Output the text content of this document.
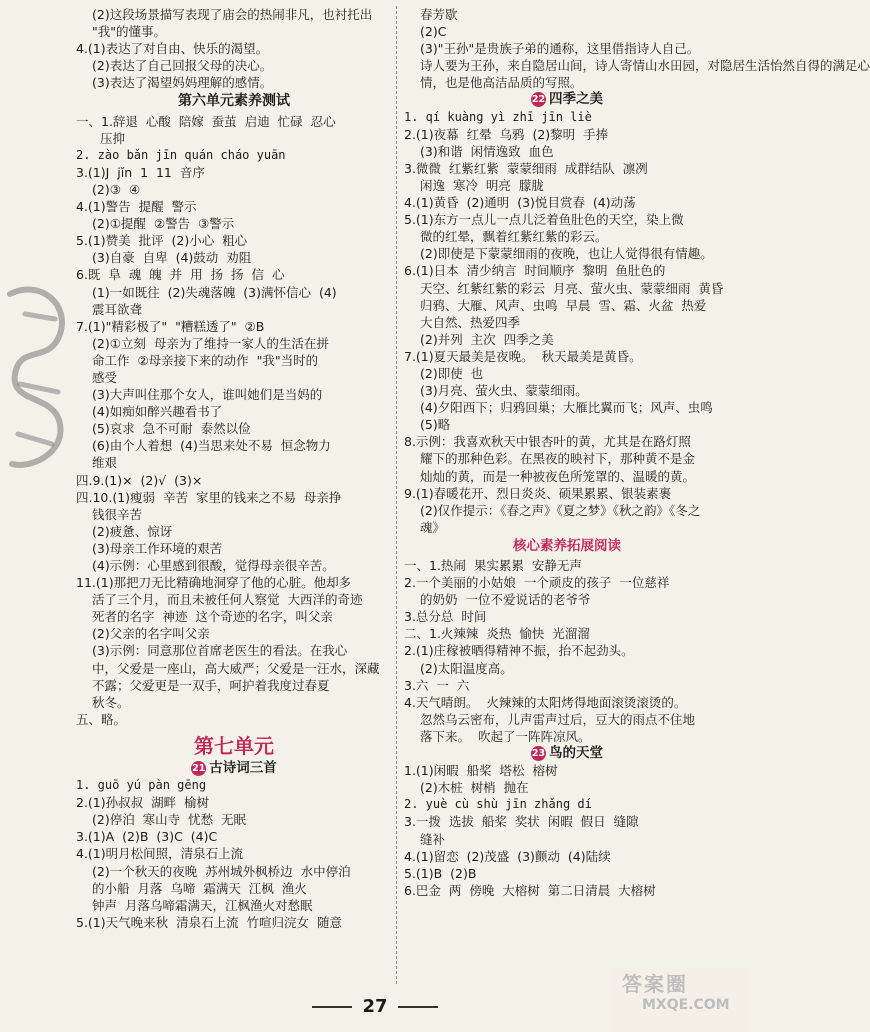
(2)这段场景描写表现了庙会的热闹非凡，也衬托出
"我"的懂事。
4.(1)表达了对自由、快乐的渴望。
(2)表达了自己回报父母的决心。
(3)表达了渴望妈妈理解的感情。
第六单元素养测试
一、1.辞退  心酸  陪嫁  蚕茧  启迪  忙碌  忍心
压抑
2. zào bǎn jīn quán cháo yuān
3.(1)J  jǐn  1  11  音序
(2)③  ④
4.(1)警告  提醒  警示
(2)①提醒  ②警告  ③警示
5.(1)赞美  批评  (2)小心  粗心
(3)自豪  自卑  (4)鼓动  劝阻
6.既  阜  魂  魄  并  用  扬  扬  信  心
(1)一如既往  (2)失魂落魄  (3)满怀信心  (4)
震耳欲聋
7.(1)"精彩极了"  "糟糕透了"  ②B
(2)①立刻  母亲为了维持一家人的生活在拼
命工作  ②母亲接下来的动作  "我"当时的
感受
(3)大声叫住那个女人，谁叫她们是当妈的
(4)如痴如醉兴趣看书了
(5)哀求  急不可耐  泰然以俭
(6)由个人着想  (4)当思来处不易  恒念物力
维艰
四.9.(1)×  (2)√  (3)×
四.10.(1)瘦弱  辛苦  家里的钱来之不易  母亲挣
钱很辛苦
(2)疲惫、惊讶
(3)母亲工作环境的艰苦
(4)示例：心里感到很酸，觉得母亲很辛苦。
11.(1)那把刀无比精确地洞穿了他的心脏。他却多
活了三个月，而且未被任何人察觉  大西洋的奇迹
死者的名字  神迹  这个奇迹的名字，叫父亲
(2)父亲的名字叫父亲
(3)示例：同意那位首席老医生的看法。在我心
中，父爱是一座山，高大威严；父爱是一汪水，深藏
不露；父爱更是一双手，呵护着我度过春夏
秋冬。
五、略。
第七单元
21 古诗词三首
1. guō yú pàn gēng
2.(1)孙叔叔  湖畔  榆树
(2)停泊  寒山寺  忧愁  无眠
3.(1)A  (2)B  (3)C  (4)C
4.(1)明月松间照，清泉石上流
(2)一个秋天的夜晚  苏州城外枫桥边  水中停泊
的小船  月落  乌啼  霜满天  江枫  渔火
钟声  月落乌啼霜满天，江枫渔火对愁眠
5.(1)天气晚来秋  清泉石上流  竹喧归浣女  随意
春芳歇
(2)C
(3)"王孙"是贵族子弟的通称，这里借指诗人自己。
诗人要为王孙，来自隐居山间，诗人寄情山水田园，对隐居生活怡然自得的满足心
情，也是他高洁品质的写照。
22 四季之美
1. qí kuàng yì zhī jīn liè
2.(1)夜幕  红晕  乌鸦  (2)黎明  手捧
(3)和谐  闲情逸致  血色
3.微微  红紫红紫  蒙蒙细雨  成群结队  凛冽
闲逸  寒冷  明亮  朦胧
4.(1)黄昏  (2)通明  (3)悦目赏春  (4)动荡
5.(1)东方一点儿一点儿泛着鱼肚色的天空，染上微
微的红晕，飘着红紫红紫的彩云。
(2)即使是下蒙蒙细雨的夜晚，也让人觉得很有情趣。
6.(1)日本  清少纳言  时间顺序  黎明  鱼肚色的
天空、红紫红紫的彩云  月亮、萤火虫、蒙蒙细雨  黄昏
归鸦、大雁、风声、虫鸣  早晨  雪、霜、火盆  热爱
大自然、热爱四季
(2)并列  主次  四季之美
7.(1)夏天最美是夜晚。  秋天最美是黄昏。
(2)即使  也
(3)月亮、萤火虫、蒙蒙细雨。
(4)夕阳西下；归鸦回巢；大雁比翼而飞；风声、虫鸣
(5)略
8.示例：我喜欢秋天中银杏叶的黄，尤其是在路灯照
耀下的那种色彩。在黑夜的映衬下，那种黄不是金
灿灿的黄，而是一种被夜色所笼罩的、温暖的黄。
9.(1)春暖花开、烈日炎炎、硕果累累、银装素裹
(2)仅作提示：《春之声》《夏之梦》《秋之韵》《冬之
魂》
核心素养拓展阅读
一、1.热闹  果实累累  安静无声
2.一个美丽的小姑娘  一个顽皮的孩子  一位慈祥
的奶奶  一位不爱说话的老爷爷
3.总分总  时间
二、1.火辣辣  炎热  愉快  光溜溜
2.(1)庄稼被晒得精神不振，抬不起劲头。
(2)太阳温度高。
3.六  一  六
4.天气晴朗。  火辣辣的太阳烤得地面滚烫滚烫的。
忽然乌云密布，儿声雷声过后，豆大的雨点不住地
落下来。  吹起了一阵阵凉风。
23 鸟的天堂
1.(1)闲暇  船桨  塔松  榕树
(2)木桩  树梢  抛在
2. yuè cù shù jīn zhǎng dí
3.一拨  选拔  船桨  奖状  闲暇  假日  缝隙
缝补
4.(1)留恋  (2)茂盛  (3)颤动  (4)陆续
5.(1)B  (2)B
6.巴金  两  傍晚  大榕树  第二日清晨  大榕树
27
答案圈
MXQE.COM
